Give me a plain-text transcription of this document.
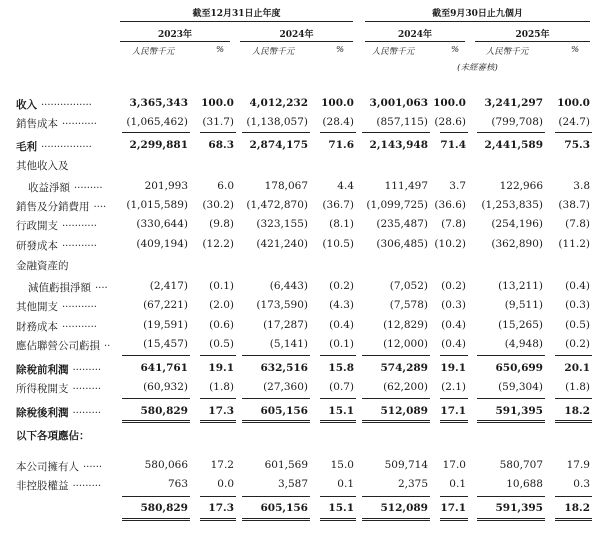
截至12月31日止年度	截至9月30日止九個月
2023年	2024年	2024年	2025年
人民幣千元	%	人民幣千元	%	人民幣千元	%	人民幣千元	%
(未經審核)
收入 ................	3,365,343	100.0	4,012,232	100.0	3,001,063 100.0	3,241,297	100.0
銷售成本 ...........	(1,065,462)	(31.7)	(1,138,057)	(28.4)	(857,115) (28.6)	(799,708)	(24.7)
毛利 ................	2,299,881	68.3	2,874,175	71.6	2,143,948	71.4	2,441,589	75.3
其他收入及
收益淨額 .........	201,993	6.0	178,067	4.4	111,497	3.7	122,966	3.8
銷售及分銷費用 ....	(1,015,589)	(30.2)	(1,472,870)	(36.7)	(1,099,725) (36.6)	(1,253,835)	(38.7)
行政開支 ...........	(330,644)	(9.8)	(323,155)	(8.1)	(235,487)	(7.8)	(254,196)	(7.8)
研發成本 ...........	(409,194)	(12.2)	(421,240)	(10.5)	(306,485) (10.2)	(362,890)	(11.2)
金融資產的
減值虧損淨額 ....	(2,417)	(0.1)	(6,443)	(0.2)	(7,052)	(0.2)	(13,211)	(0.4)
其他開支 ...........	(67,221)	(2.0)	(173,590)	(4.3)	(7,578)	(0.3)	(9,511)	(0.3)
財務成本 ...........	(19,591)	(0.6)	(17,287)	(0.4)	(12,829)	(0.4)	(15,265)	(0.5)
應佔聯營公司虧損 ..	(15,457)	(0.5)	(5,141)	(0.1)	(12,000)	(0.4)	(4,948)	(0.2)
除稅前利潤 .........	641,761	19.1	632,516	15.8	574,289	19.1	650,699	20.1
所得稅開支 .........	(60,932)	(1.8)	(27,360)	(0.7)	(62,200)	(2.1)	(59,304)	(1.8)
除稅後利潤 .........	580,829	17.3	605,156	15.1	512,089	17.1	591,395	18.2
以下各項應佔：
本公司擁有人 ......	580,066	17.2	601,569	15.0	509,714	17.0	580,707	17.9
非控股權益 .........	763	0.0	3,587	0.1	2,375	0.1	10,688	0.3
580,829	17.3	605,156	15.1	512,089	17.1	591,395	18.2
